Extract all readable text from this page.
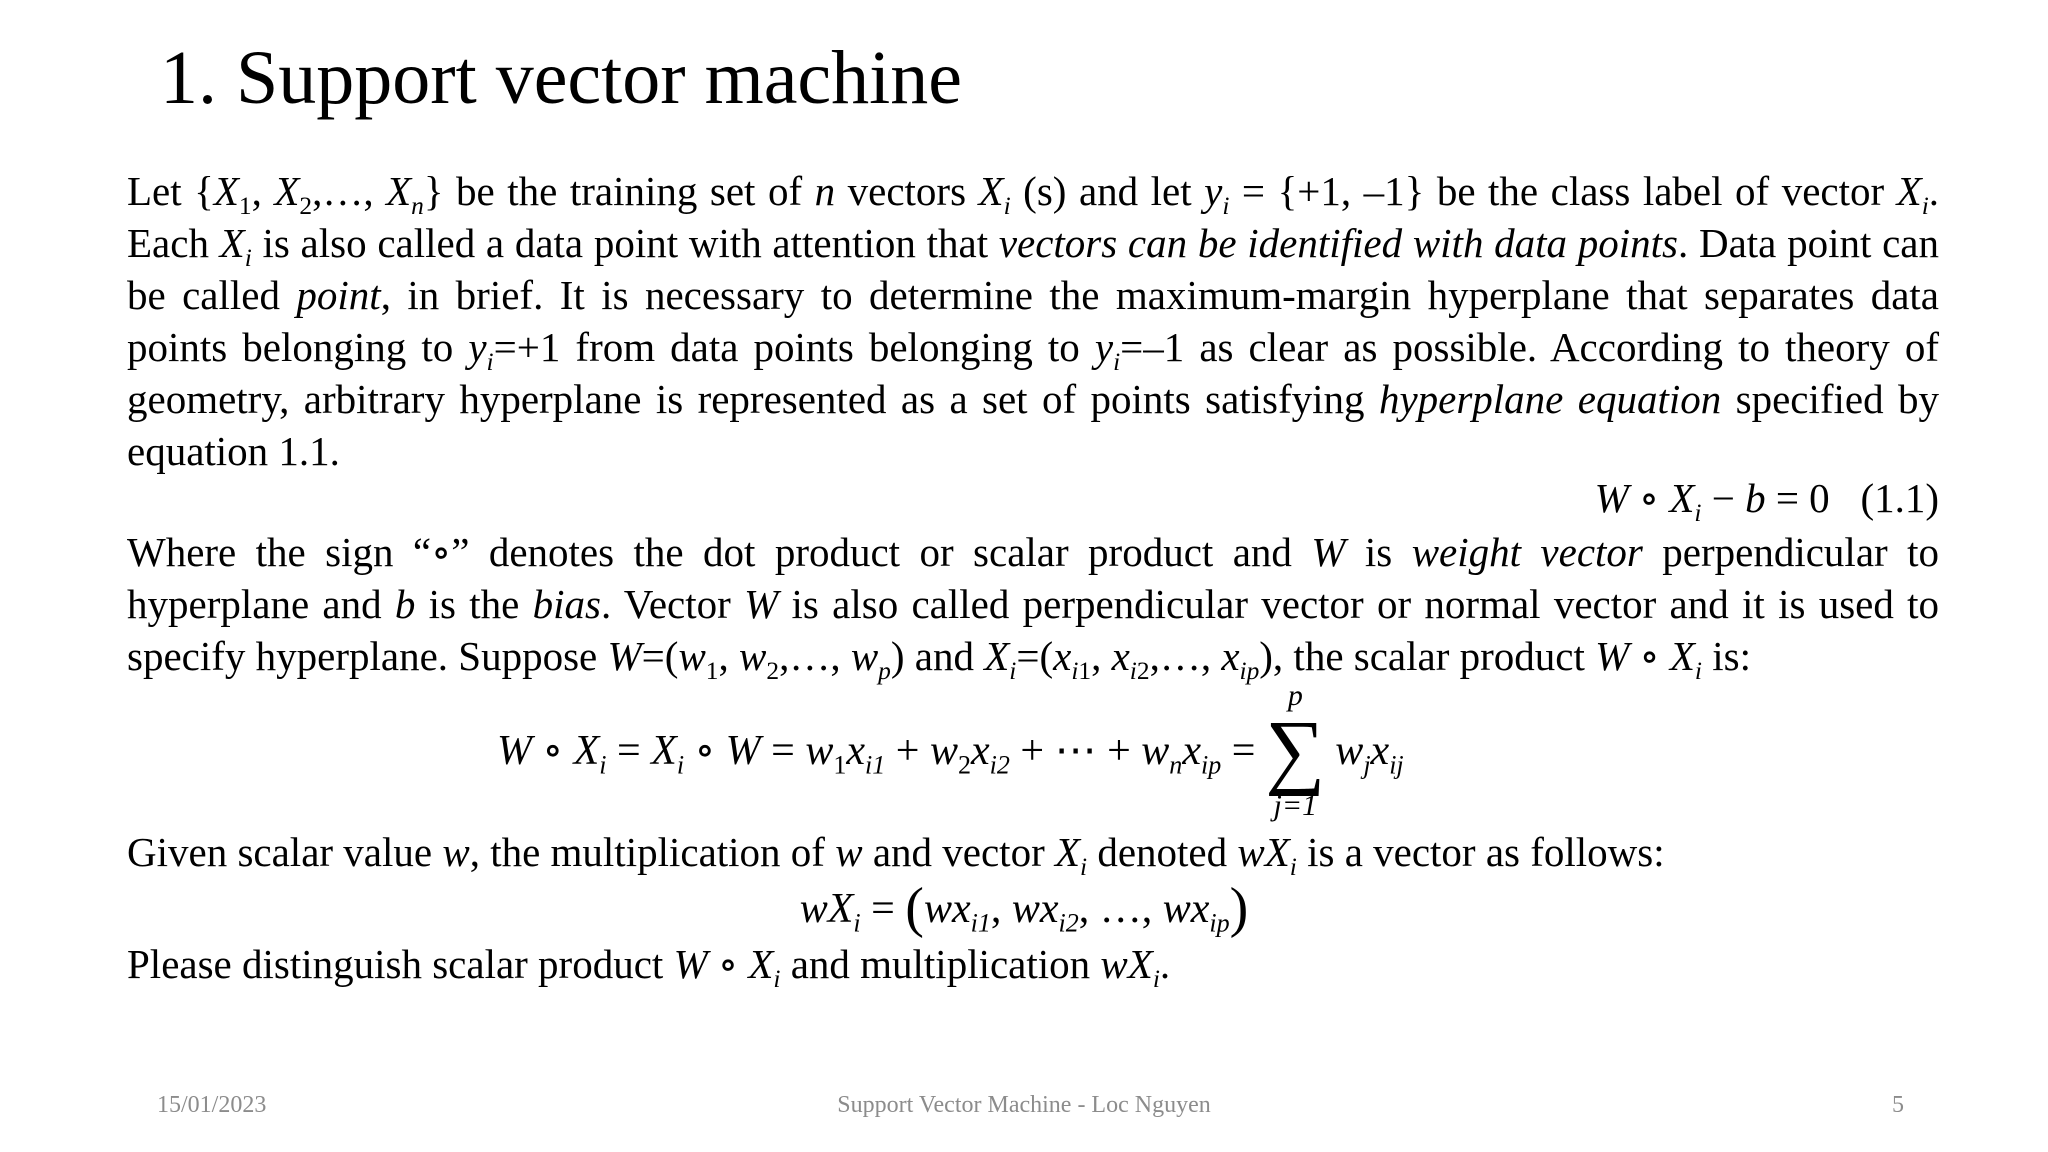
1. Support vector machine

Let {$X_1$, $X_2,\dots$, $X_n$} be the training set of n vectors $X_i$ (s) and let $y_i = \{+1$, –1} be the class label of vector $X_i$. Each $X_i$ is also called a data point with attention that vectors can be identified with data points. Data point can be called point, in brief. It is necessary to determine the maximum-margin hyperplane that separates data points belonging to $y_i=+1$ from data points belonging to $y_i=-1$ as clear as possible. According to theory of geometry, arbitrary hyperplane is represented as a set of points satisfying hyperplane equation specified by equation 1.1.

W ∘ $X_i - b = 0$   (1.1)

Where the sign “∘” denotes the dot product or scalar product and W is weight vector perpendicular to hyperplane and b is the bias. Vector W is also called perpendicular vector or normal vector and it is used to specify hyperplane. Suppose $W=(w_1$, $w_2,\dots$, $w_p$) and $X_i=(x_{i1}$, $x_{i2},\dots$, $x_{ip}$), the scalar product W ∘ $X_i$ is:

W ∘ $X_i = X_i$ ∘ $W = w_1x_{i1} + w_2x_{i2}$ + ⋯ + $w_nx_{ip}$ =
p
∑
j=1
$w_jx_{ij}$
Given scalar value w, the multiplication of w and vector $X_i$ denoted $wX_i$ is a vector as follows:
$wX_i = (wx_{i1}$, $wx_{i2}$, …, $wx_{ip}$)
Please distinguish scalar product W ∘ $X_i$ and multiplication $wX_i$.
15/01/2023	Support Vector Machine - Loc Nguyen	5
